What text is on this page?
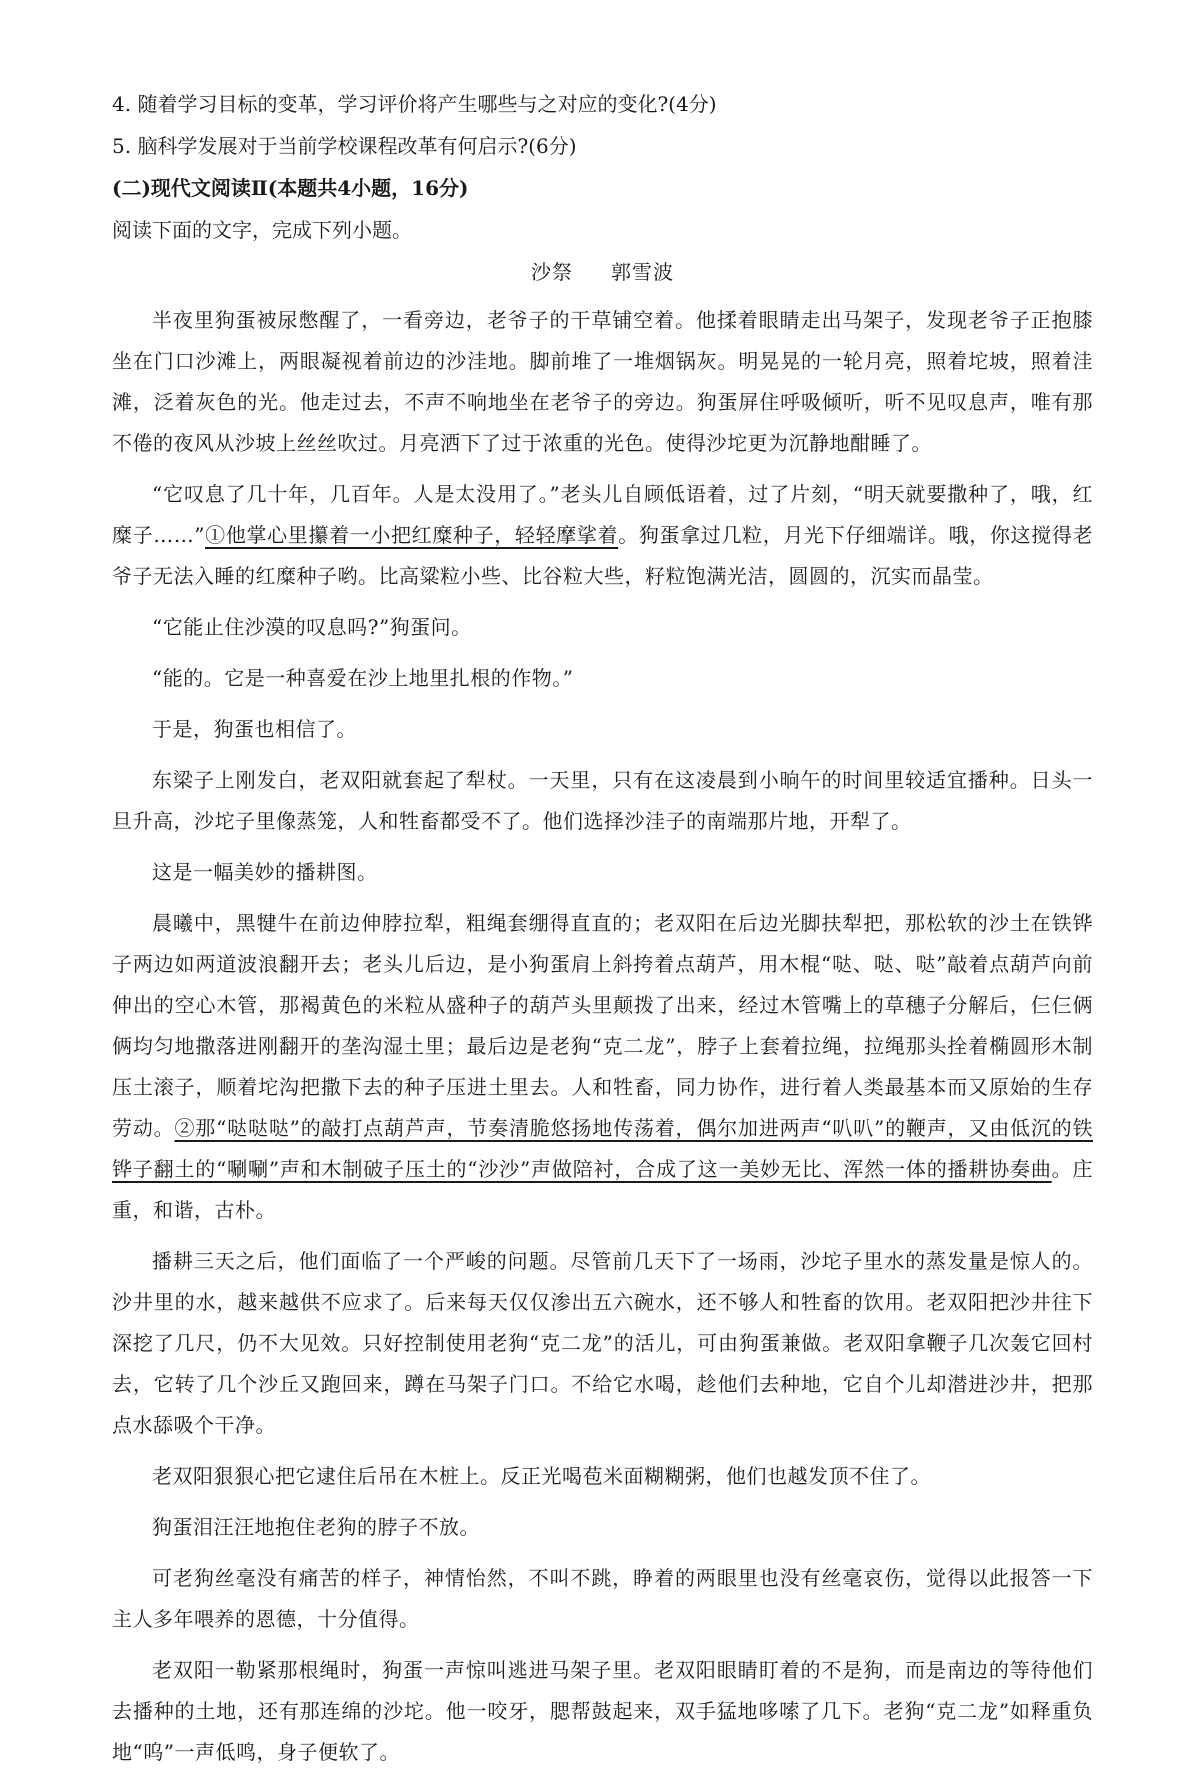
4. 随着学习目标的变革，学习评价将产生哪些与之对应的变化?(4分)
5. 脑科学发展对于当前学校课程改革有何启示?(6分)
(二)现代文阅读Ⅱ(本题共4小题，16分)
阅读下面的文字，完成下列小题。
沙祭 郭雪波

半夜里狗蛋被尿憋醒了，一看旁边，老爷子的干草铺空着。他揉着眼睛走出马架子，发现老爷子正抱膝坐在门口沙滩上，两眼凝视着前边的沙洼地。脚前堆了一堆烟锅灰。明晃晃的一轮月亮，照着坨坡，照着洼滩，泛着灰色的光。他走过去，不声不响地坐在老爷子的旁边。狗蛋屏住呼吸倾听，听不见叹息声，唯有那不倦的夜风从沙坡上丝丝吹过。月亮洒下了过于浓重的光色。使得沙坨更为沉静地酣睡了。

“它叹息了几十年，几百年。人是太没用了。”老头儿自顾低语着，过了片刻，“明天就要撒种了，哦，红糜子……”①他掌心里攥着一小把红糜种子，轻轻摩挲着。狗蛋拿过几粒，月光下仔细端详。哦，你这搅得老爷子无法入睡的红糜种子哟。比高粱粒小些、比谷粒大些，籽粒饱满光洁，圆圆的，沉实而晶莹。

“它能止住沙漠的叹息吗?”狗蛋问。

“能的。它是一种喜爱在沙上地里扎根的作物。”

于是，狗蛋也相信了。

东梁子上刚发白，老双阳就套起了犁杖。一天里，只有在这凌晨到小晌午的时间里较适宜播种。日头一旦升高，沙坨子里像蒸笼，人和牲畜都受不了。他们选择沙洼子的南端那片地，开犁了。

这是一幅美妙的播耕图。

晨曦中，黑犍牛在前边伸脖拉犁，粗绳套绷得直直的；老双阳在后边光脚扶犁把，那松软的沙土在铁铧子两边如两道波浪翻开去；老头儿后边，是小狗蛋肩上斜挎着点葫芦，用木棍“哒、哒、哒”敲着点葫芦向前伸出的空心木管，那褐黄色的米粒从盛种子的葫芦头里颠拨了出来，经过木管嘴上的草穗子分解后，仨仨俩俩均匀地撒落进刚翻开的垄沟湿土里；最后边是老狗“克二龙”，脖子上套着拉绳，拉绳那头拴着椭圆形木制压土滚子，顺着坨沟把撒下去的种子压进土里去。人和牲畜，同力协作，进行着人类最基本而又原始的生存劳动。②那“哒哒哒”的敲打点葫芦声，节奏清脆悠扬地传荡着，偶尔加进两声“叭叭”的鞭声，又由低沉的铁铧子翻土的“唰唰”声和木制破子压土的“沙沙”声做陪衬，合成了这一美妙无比、浑然一体的播耕协奏曲。庄重，和谐，古朴。

播耕三天之后，他们面临了一个严峻的问题。尽管前几天下了一场雨，沙坨子里水的蒸发量是惊人的。沙井里的水，越来越供不应求了。后来每天仅仅渗出五六碗水，还不够人和牲畜的饮用。老双阳把沙井往下深挖了几尺，仍不大见效。只好控制使用老狗“克二龙”的活儿，可由狗蛋兼做。老双阳拿鞭子几次轰它回村去，它转了几个沙丘又跑回来，蹲在马架子门口。不给它水喝，趁他们去种地，它自个儿却潜进沙井，把那点水舔吸个干净。

老双阳狠狠心把它逮住后吊在木桩上。反正光喝苞米面糊糊粥，他们也越发顶不住了。

狗蛋泪汪汪地抱住老狗的脖子不放。

可老狗丝毫没有痛苦的样子，神情怡然，不叫不跳，睁着的两眼里也没有丝毫哀伤，觉得以此报答一下主人多年喂养的恩德，十分值得。

老双阳一勒紧那根绳时，狗蛋一声惊叫逃进马架子里。老双阳眼睛盯着的不是狗，而是南边的等待他们去播种的土地，还有那连绵的沙坨。他一咬牙，腮帮鼓起来，双手猛地哆嗦了几下。老狗“克二龙”如释重负地“呜”一声低鸣，身子便软了。
